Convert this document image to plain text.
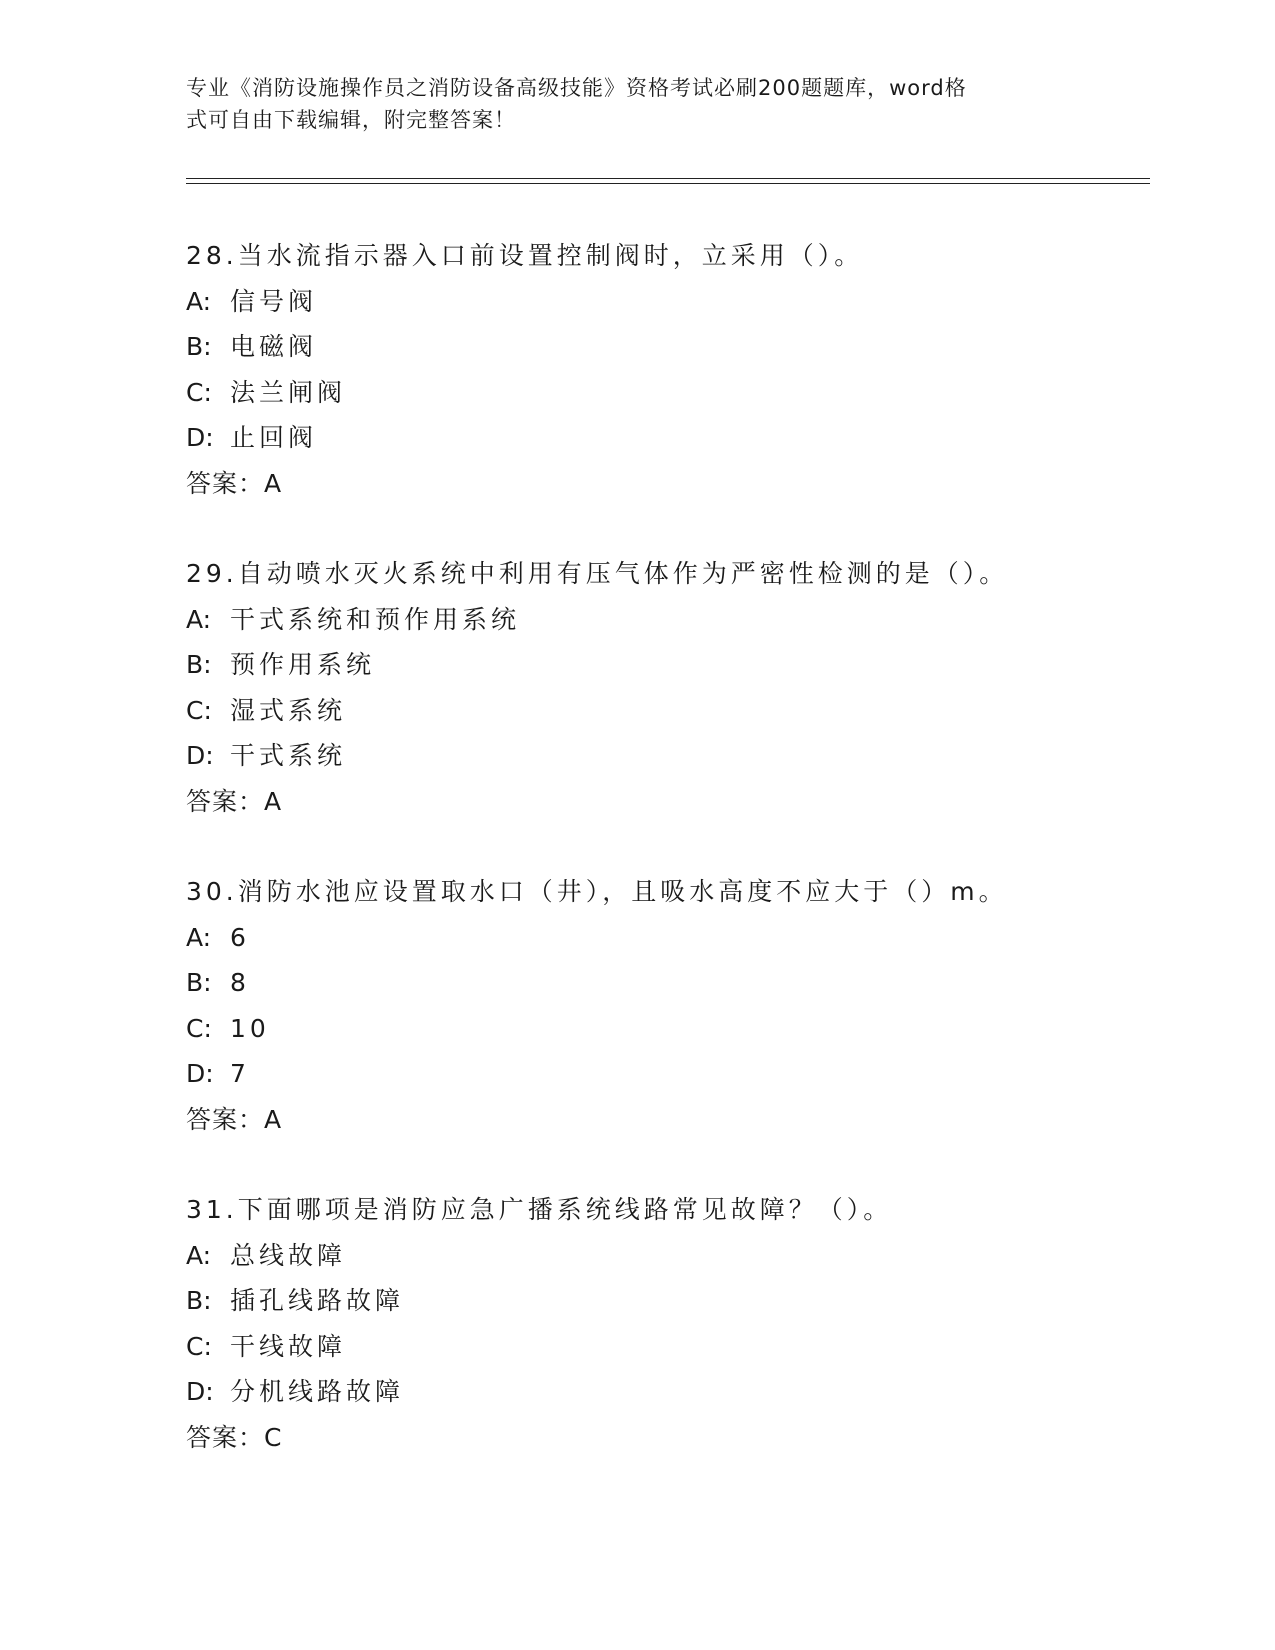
专业《消防设施操作员之消防设备高级技能》资格考试必刷200题题库，word格
式可自由下载编辑，附完整答案！
28.当水流指示器入口前设置控制阀时，立采用（）。
A: 信号阀
B: 电磁阀
C: 法兰闸阀
D: 止回阀
答案：A
29.自动喷水灭火系统中利用有压气体作为严密性检测的是（）。
A: 干式系统和预作用系统
B: 预作用系统
C: 湿式系统
D: 干式系统
答案：A
30.消防水池应设置取水口（井），且吸水高度不应大于（）m。
A: 6
B: 8
C: 10
D: 7
答案：A
31.下面哪项是消防应急广播系统线路常见故障？（）。
A: 总线故障
B: 插孔线路故障
C: 干线故障
D: 分机线路故障
答案：C
